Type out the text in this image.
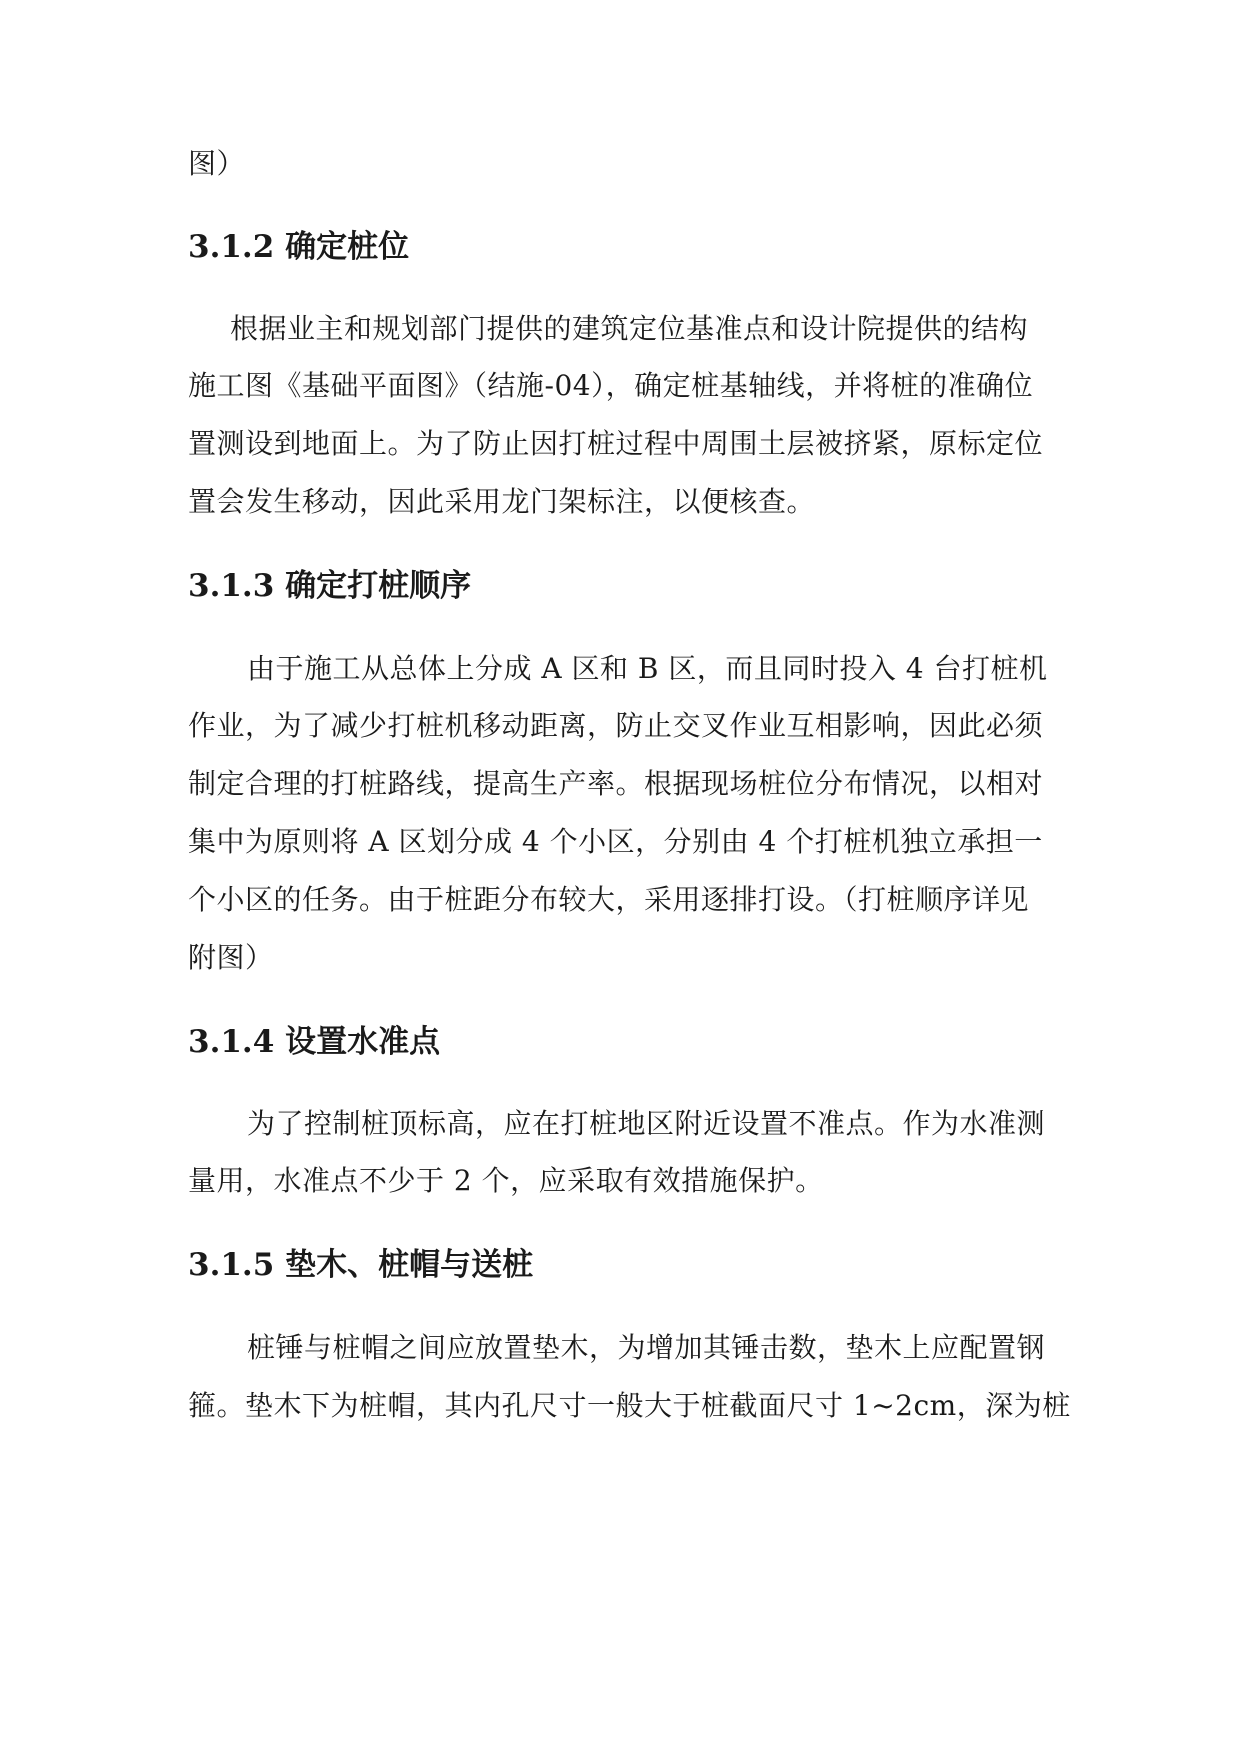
图）
3.1.2 确定桩位
根据业主和规划部门提供的建筑定位基准点和设计院提供的结构
施工图《基础平面图》（结施-04），确定桩基轴线，并将桩的准确位
置测设到地面上。为了防止因打桩过程中周围土层被挤紧，原标定位
置会发生移动，因此采用龙门架标注，以便核查。
3.1.3 确定打桩顺序
由于施工从总体上分成 A 区和 B 区，而且同时投入 4 台打桩机
作业，为了减少打桩机移动距离，防止交叉作业互相影响，因此必须
制定合理的打桩路线，提高生产率。根据现场桩位分布情况，以相对
集中为原则将 A 区划分成 4 个小区，分别由 4 个打桩机独立承担一
个小区的任务。由于桩距分布较大，采用逐排打设。（打桩顺序详见
附图）
3.1.4 设置水准点
为了控制桩顶标高，应在打桩地区附近设置不准点。作为水准测
量用，水准点不少于 2 个，应采取有效措施保护。
3.1.5 垫木、桩帽与送桩
桩锤与桩帽之间应放置垫木，为增加其锤击数，垫木上应配置钢
箍。垫木下为桩帽，其内孔尺寸一般大于桩截面尺寸 1~2cm，深为桩
